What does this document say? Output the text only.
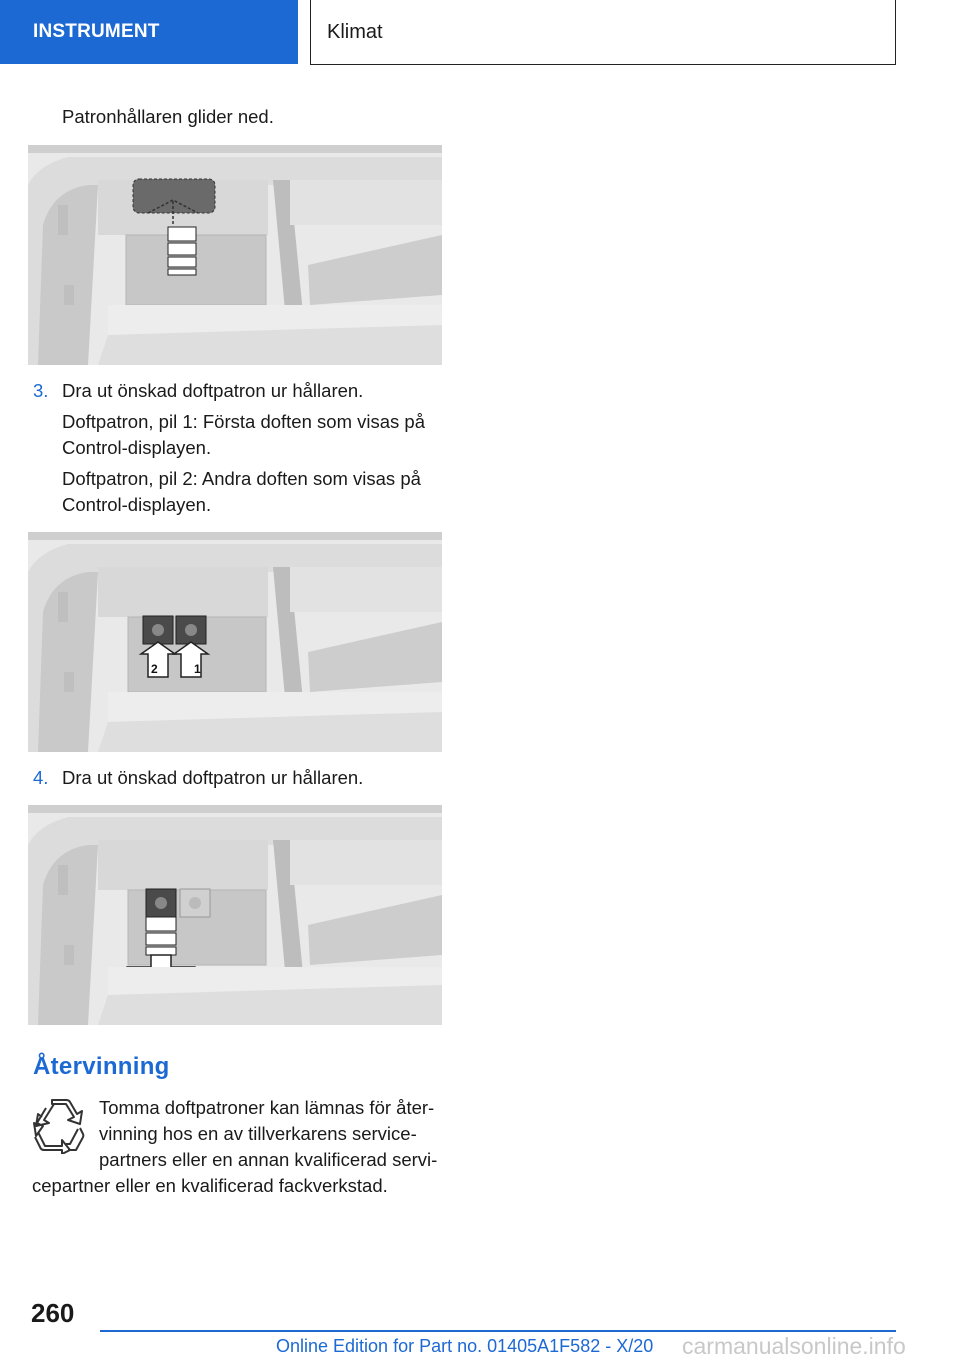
INSTRUMENT	Klimat
Patronhållaren glider ned.
3. Dra ut önskad doftpatron ur hållaren.
Doftpatron, pil 1: Första doften som visas på
Control-displayen.
Doftpatron, pil 2: Andra doften som visas på
Control-displayen.
2	1
4. Dra ut önskad doftpatron ur hållaren.
Återvinning
Tomma doftpatroner kan lämnas för åter-
vinning hos en av tillverkarens service-
partners eller en annan kvalificerad servi-
cepartner eller en kvalificerad fackverkstad.
260
Online Edition for Part no. 01405A1F582 - X/20 carmanualsonline.info
